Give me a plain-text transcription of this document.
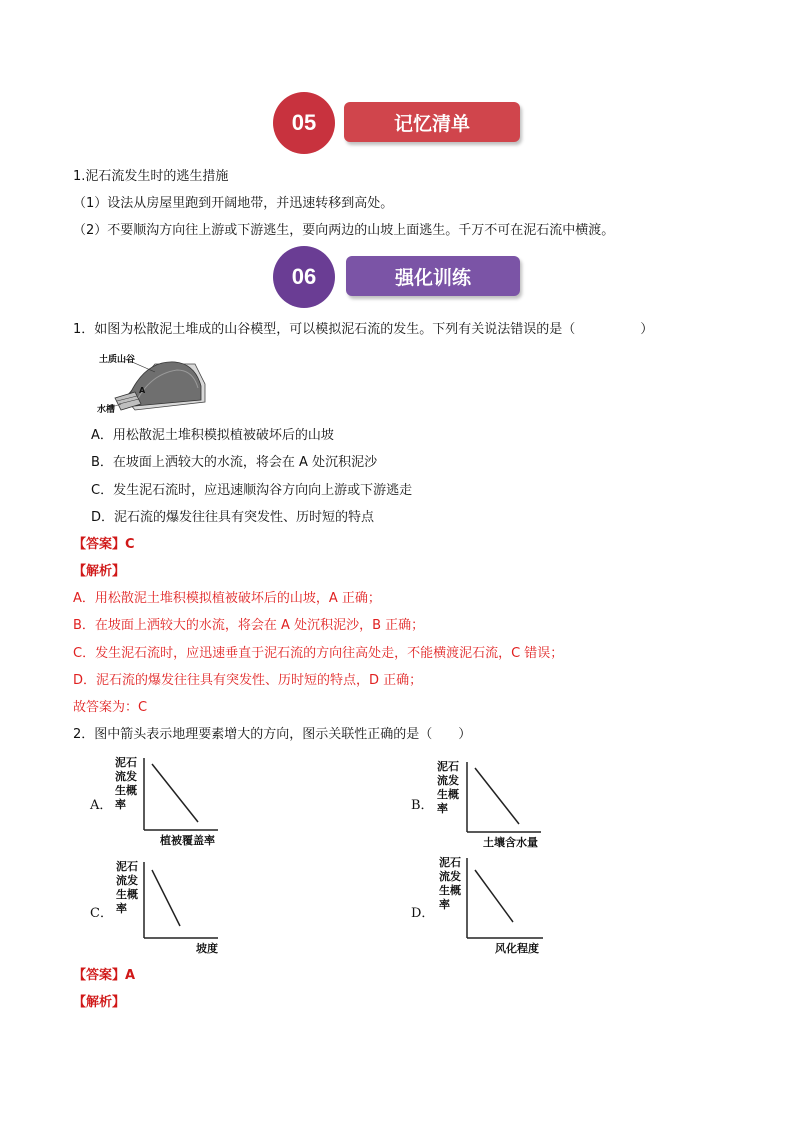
05	记忆清单
1.泥石流发生时的逃生措施
（1）设法从房屋里跑到开阔地带，并迅速转移到高处。
（2）不要顺沟方向往上游或下游逃生，要向两边的山坡上面逃生。千万不可在泥石流中横渡。
06	强化训练
1．如图为松散泥土堆成的山谷模型，可以模拟泥石流的发生。下列有关说法错误的是（　　　　　）
土质山谷
A
水槽
A．用松散泥土堆积模拟植被破坏后的山坡
B．在坡面上洒较大的水流，将会在 A 处沉积泥沙
C．发生泥石流时，应迅速顺沟谷方向向上游或下游逃走
D．泥石流的爆发往往具有突发性、历时短的特点
【答案】C
【解析】
A．用松散泥土堆积模拟植被破坏后的山坡，A 正确；
B．在坡面上洒较大的水流，将会在 A 处沉积泥沙，B 正确；
C．发生泥石流时，应迅速垂直于泥石流的方向往高处走，不能横渡泥石流，C 错误；
D．泥石流的爆发往往具有突发性、历时短的特点，D 正确；
故答案为：C
2．图中箭头表示地理要素增大的方向，图示关联性正确的是（　　）
A．
泥石
流发
生概
率
植被覆盖率
B．
泥石
流发
生概
率
土壤含水量
C．
泥石
流发
生概
率
坡度
D．
泥石
流发
生概
率
风化程度
【答案】A
【解析】
